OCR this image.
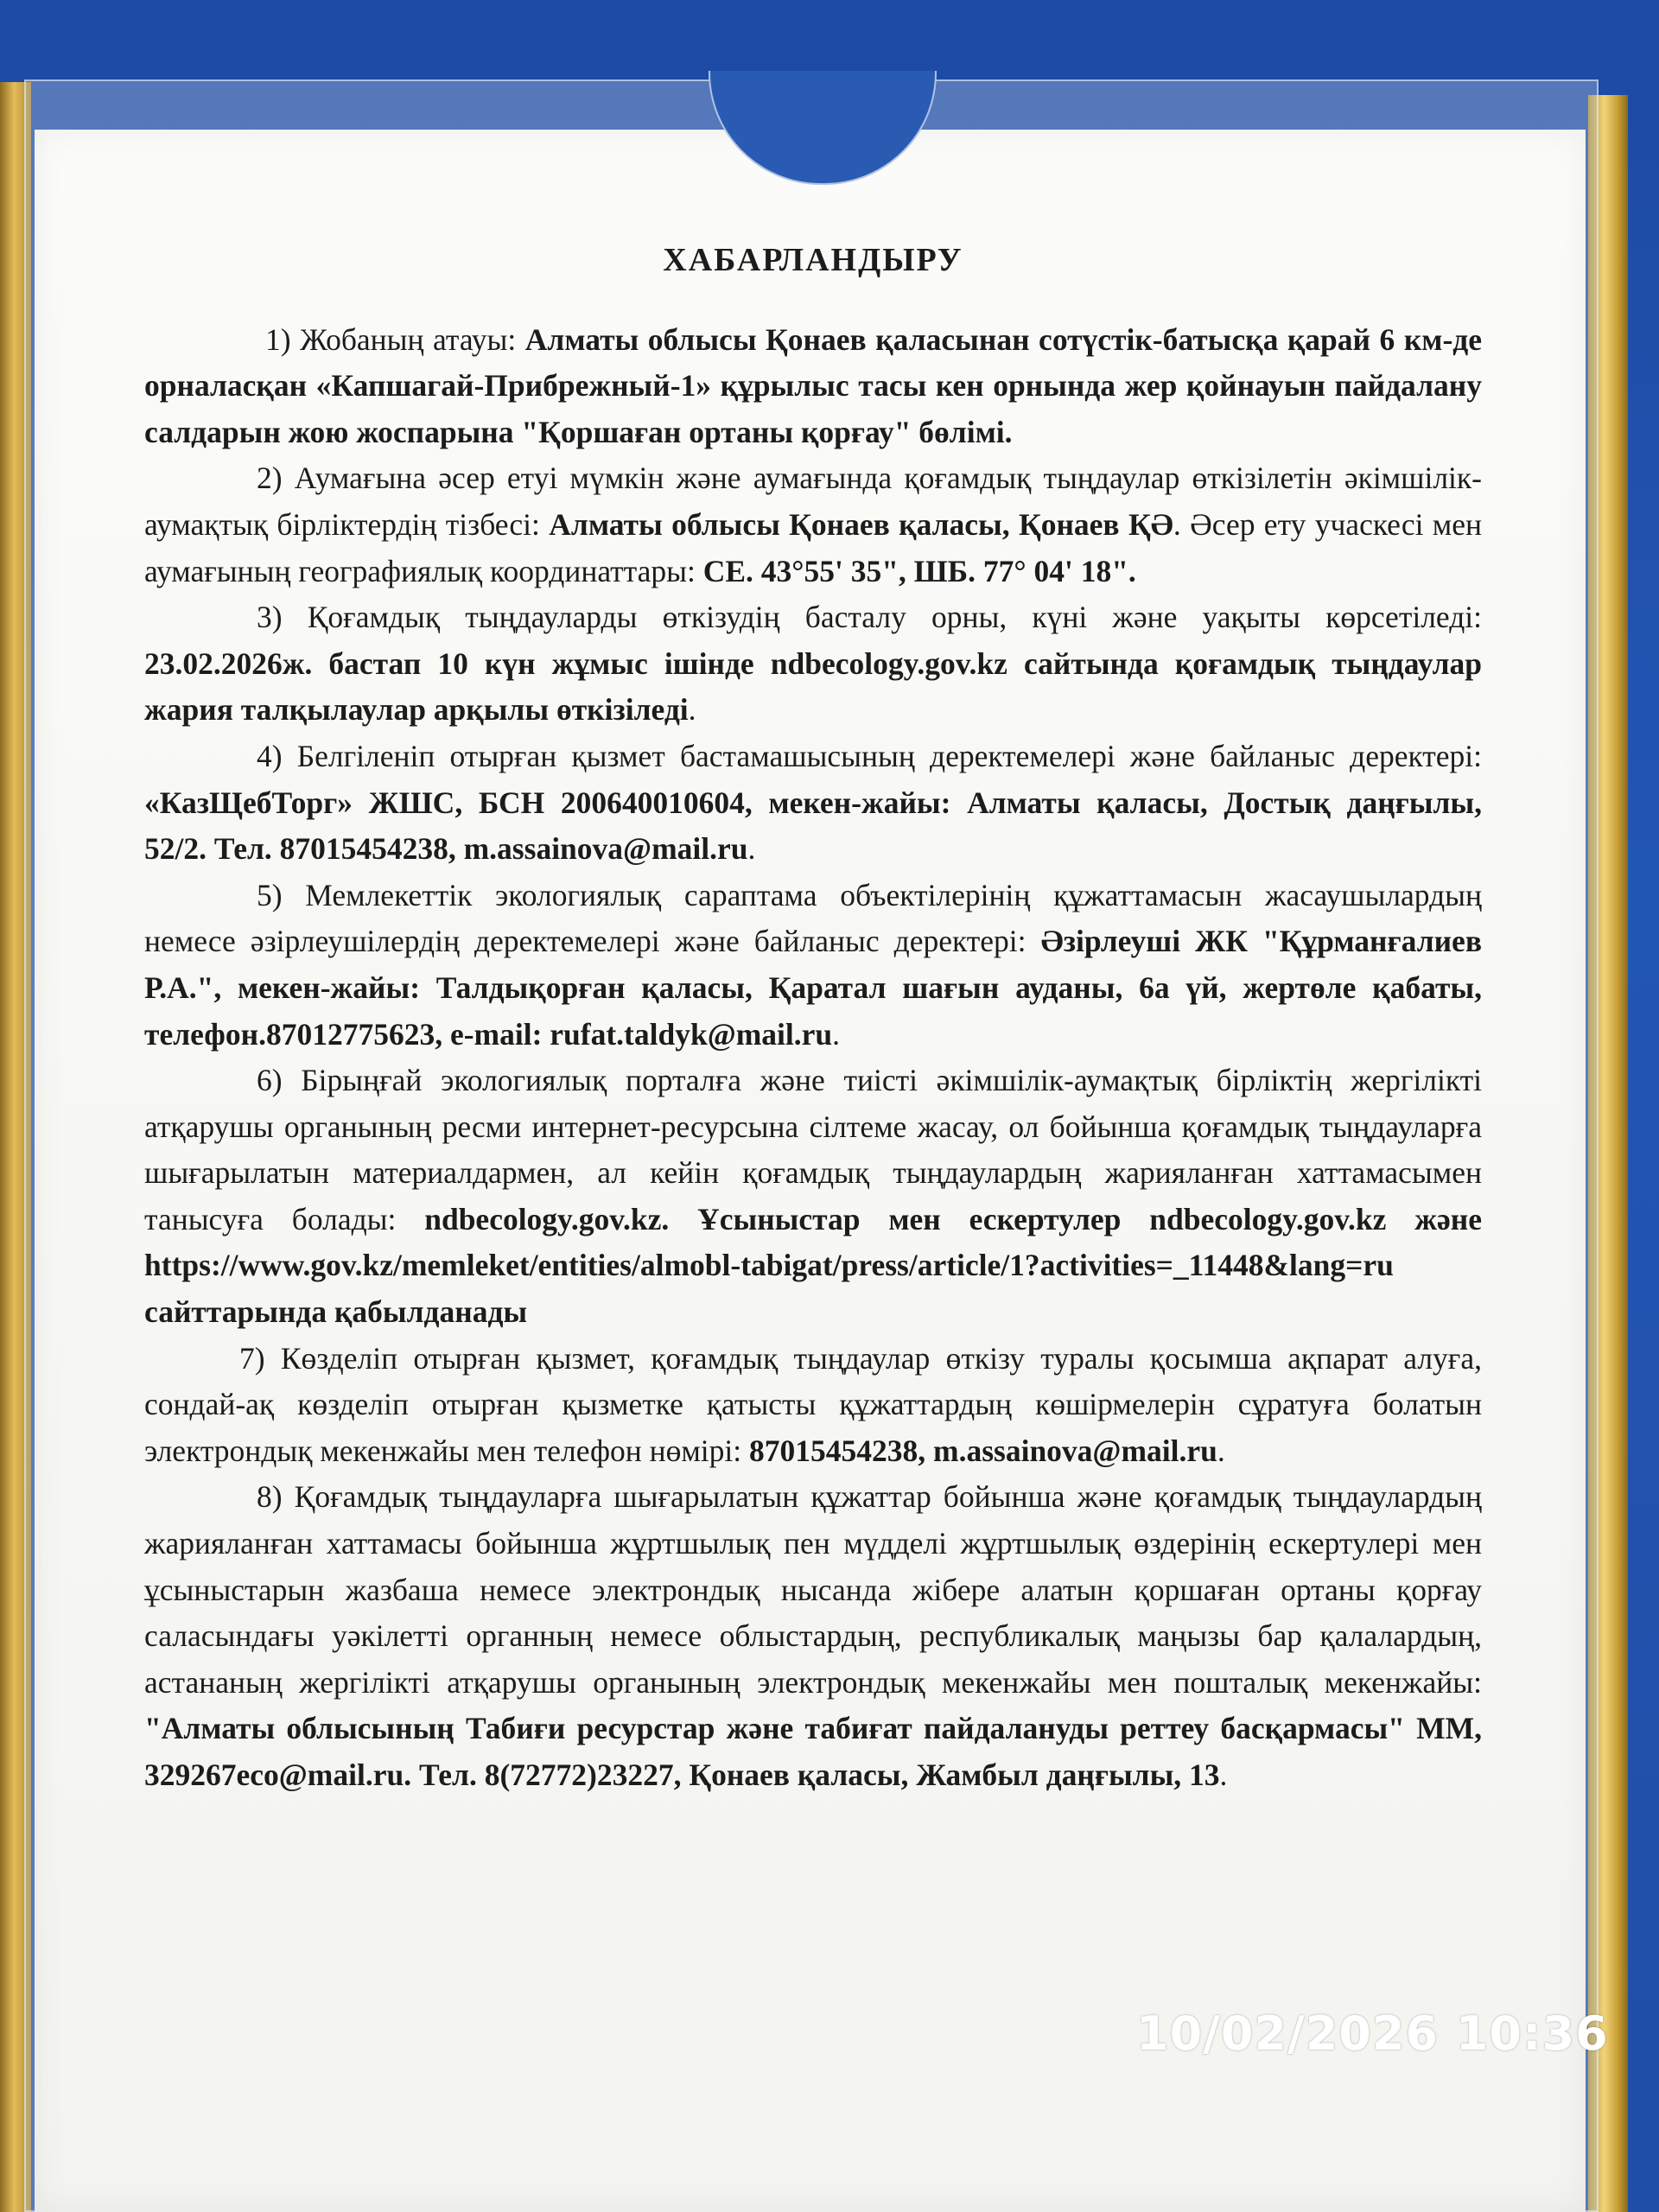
ХАБАРЛАНДЫРУ

1) Жобаның атауы: Алматы облысы Қонаев қаласынан сотүстік-батысқа қарай 6 км-де орналасқан «Капшагай-Прибрежный-1» құрылыс тасы кен орнында жер қойнауын пайдалану салдарын жою жоспарына "Қоршаған ортаны қорғау" бөлімі.

2) Аумағына әсер етуі мүмкін және аумағында қоғамдық тыңдаулар өткізілетін әкімшілік-аумақтық бірліктердің тізбесі: Алматы облысы Қонаев қаласы, Қонаев ҚӘ. Әсер ету учаскесі мен аумағының географиялық координаттары: СЕ. 43°55' 35", ШБ. 77° 04' 18".

3) Қоғамдық тыңдауларды өткізудің басталу орны, күні және уақыты көрсетіледі: 23.02.2026ж. бастап 10 күн жұмыс ішінде ndbecology.gov.kz сайтында қоғамдық тыңдаулар жария талқылаулар арқылы өткізіледі.

4) Белгіленіп отырған қызмет бастамашысының деректемелері және байланыс деректері: «КазЩебТорг» ЖШС, БСН 200640010604, мекен-жайы: Алматы қаласы, Достық даңғылы, 52/2. Тел. 87015454238, m.assainova@mail.ru.

5) Мемлекеттік экологиялық сараптама объектілерінің құжаттамасын жасаушылардың немесе әзірлеушілердің деректемелері және байланыс деректері: Әзірлеуші ЖК "Құрманғалиев Р.А.", мекен-жайы: Талдықорған қаласы, Қаратал шағын ауданы, 6а үй, жертөле қабаты, телефон.87012775623, e-mail: rufat.taldyk@mail.ru.

6) Бірыңғай экологиялық порталға және тиісті әкімшілік-аумақтық бірліктің жергілікті атқарушы органының ресми интернет-ресурсына сілтеме жасау, ол бойынша қоғамдық тыңдауларға шығарылатын материалдармен, ал кейін қоғамдық тыңдаулардың жарияланған хаттамасымен танысуға болады: ndbecology.gov.kz. Ұсыныстар мен ескертулер ndbecology.gov.kz және https://www.gov.kz/memleket/entities/almobl-tabigat/press/article/1?activities=_11448&lang=ru сайттарында қабылданады

7) Көзделіп отырған қызмет, қоғамдық тыңдаулар өткізу туралы қосымша ақпарат алуға, сондай-ақ көзделіп отырған қызметке қатысты құжаттардың көшірмелерін сұратуға болатын электрондық мекенжайы мен телефон нөмірі: 87015454238, m.assainova@mail.ru.

8) Қоғамдық тыңдауларға шығарылатын құжаттар бойынша және қоғамдық тыңдаулардың жарияланған хаттамасы бойынша жұртшылық пен мүдделі жұртшылық өздерінің ескертулері мен ұсыныстарын жазбаша немесе электрондық нысанда жібере алатын қоршаған ортаны қорғау саласындағы уәкілетті органның немесе облыстардың, республикалық маңызы бар қалалардың, астананың жергілікті атқарушы органының электрондық мекенжайы мен пошталық мекенжайы: "Алматы облысының Табиғи ресурстар және табиғат пайдалануды реттеу басқармасы" ММ, 329267eco@mail.ru. Тел. 8(72772)23227, Қонаев қаласы, Жамбыл даңғылы, 13.

10/02/2026 10:36
